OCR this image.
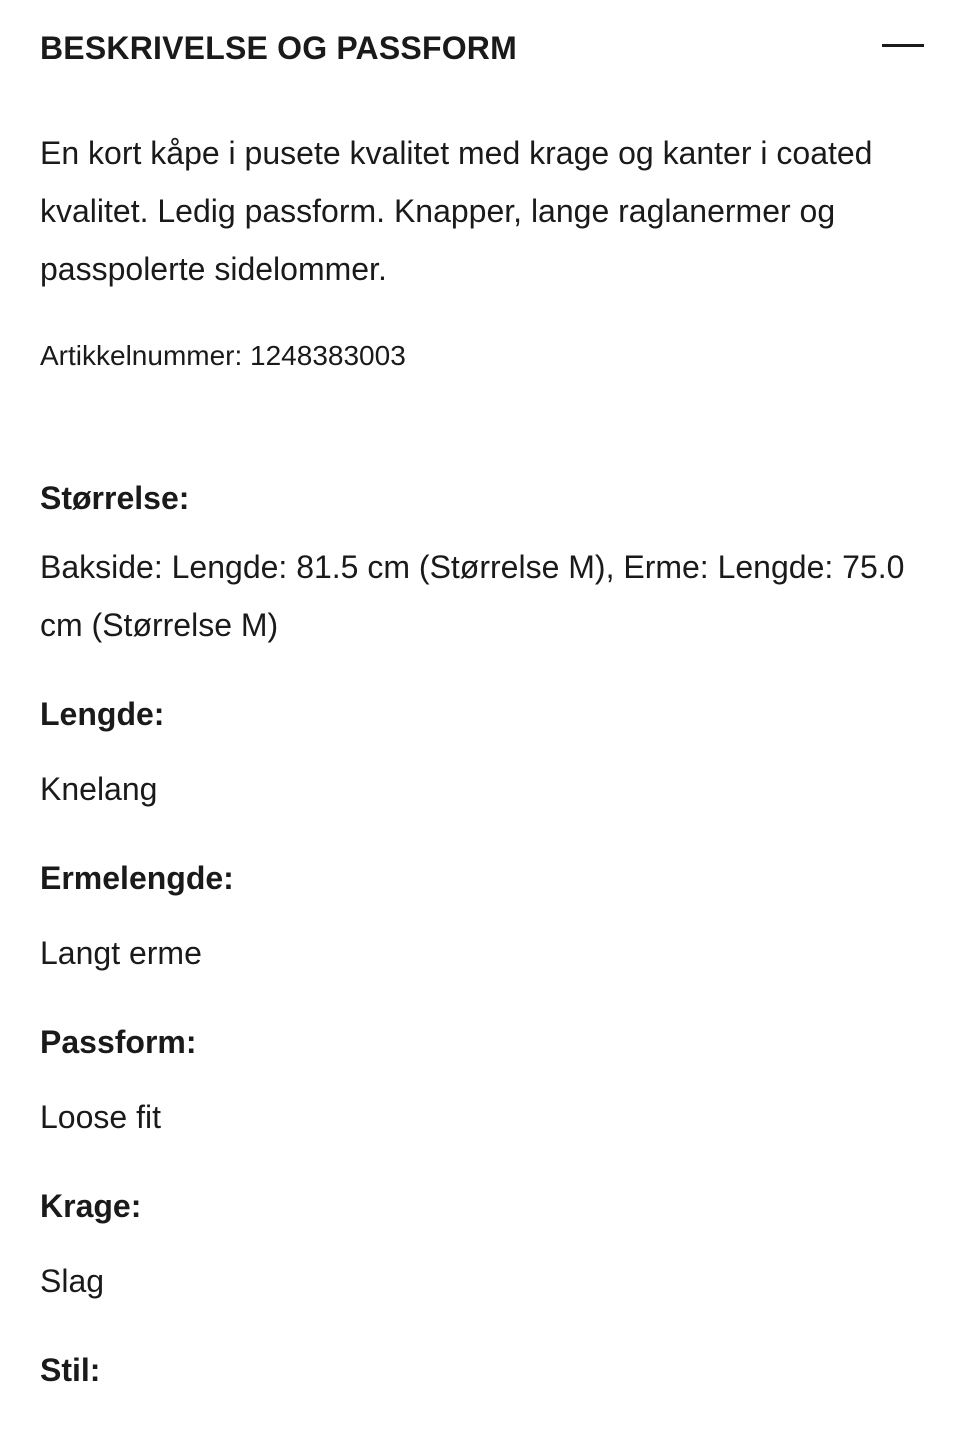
BESKRIVELSE OG PASSFORM

En kort kåpe i pusete kvalitet med krage og kanter i coated kvalitet. Ledig passform. Knapper, lange raglanermer og passpolerte sidelommer.

Artikkelnummer: 1248383003

Størrelse:
Bakside: Lengde: 81.5 cm (Størrelse M), Erme: Lengde: 75.0 cm (Størrelse M)
Lengde:
Knelang
Ermelengde:
Langt erme
Passform:
Loose fit
Krage:
Slag
Stil:
